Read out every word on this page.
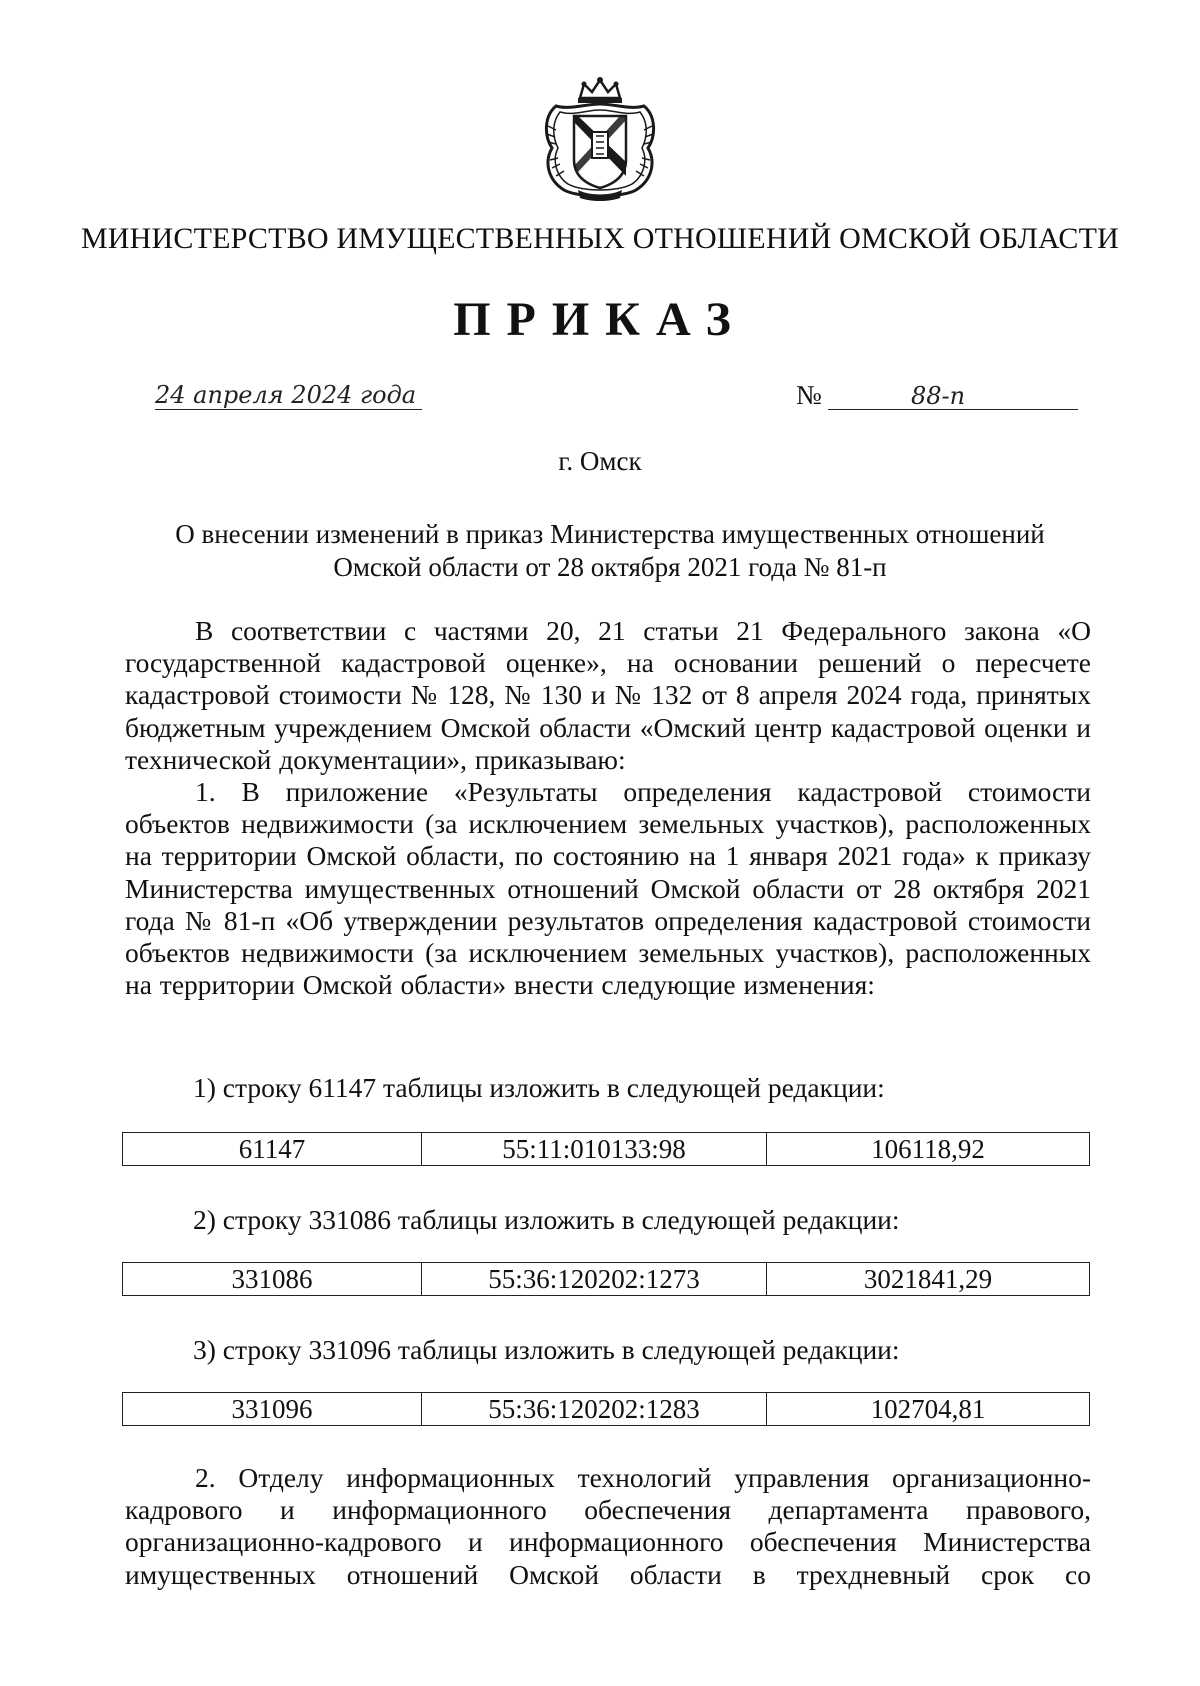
МИНИСТЕРСТВО ИМУЩЕСТВЕННЫХ ОТНОШЕНИЙ ОМСКОЙ ОБЛАСТИ
ПРИКАЗ
24 апреля 2024 года	№	88-п
г. Омск
О внесении изменений в приказ Министерства имущественных отношений
Омской области от 28 октября 2021 года № 81-п

В соответствии с частями 20, 21 статьи 21 Федерального закона «О государственной кадастровой оценке», на основании решений о пересчете кадастровой стоимости № 128, № 130 и № 132 от 8 апреля 2024 года, принятых бюджетным учреждением Омской области «Омский центр кадастровой оценки и технической документации», приказываю:

1. В приложение «Результаты определения кадастровой стоимости объектов недвижимости (за исключением земельных участков), расположенных на территории Омской области, по состоянию на 1 января 2021 года» к приказу Министерства имущественных отношений Омской области от 28 октября 2021 года № 81-п «Об утверждении результатов определения кадастровой стоимости объектов недвижимости (за исключением земельных участков), расположенных на территории Омской области» внести следующие изменения:

1) строку 61147 таблицы изложить в следующей редакции:
61147	55:11:010133:98	106118,92
2) строку 331086 таблицы изложить в следующей редакции:
331086	55:36:120202:1273	3021841,29
3) строку 331096 таблицы изложить в следующей редакции:
331096	55:36:120202:1283	102704,81

2. Отделу информационных технологий управления организационно-кадрового и информационного обеспечения департамента правового, организационно-кадрового и информационного обеспечения Министерства имущественных отношений Омской области в трехдневный срок со
